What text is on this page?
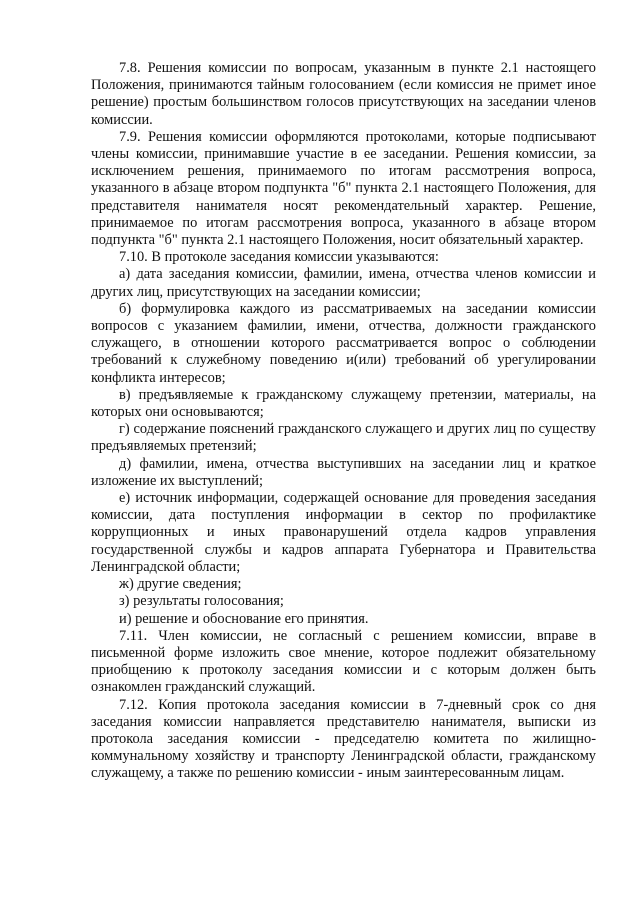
7.8. Решения комиссии по вопросам, указанным в пункте 2.1 настоящего Положения, принимаются тайным голосованием (если комиссия не примет иное решение) простым большинством голосов присутствующих на заседании членов комиссии.

7.9. Решения комиссии оформляются протоколами, которые подписывают члены комиссии, принимавшие участие в ее заседании. Решения комиссии, за исключением решения, принимаемого по итогам рассмотрения вопроса, указанного в абзаце втором подпункта "б" пункта 2.1 настоящего Положения, для представителя нанимателя носят рекомендательный характер. Решение, принимаемое по итогам рассмотрения вопроса, указанного в абзаце втором подпункта "б" пункта 2.1 настоящего Положения, носит обязательный характер.

7.10. В протоколе заседания комиссии указываются:

а) дата заседания комиссии, фамилии, имена, отчества членов комиссии и других лиц, присутствующих на заседании комиссии;

б) формулировка каждого из рассматриваемых на заседании комиссии вопросов с указанием фамилии, имени, отчества, должности гражданского служащего, в отношении которого рассматривается вопрос о соблюдении требований к служебному поведению и(или) требований об урегулировании конфликта интересов;

в) предъявляемые к гражданскому служащему претензии, материалы, на которых они основываются;

г) содержание пояснений гражданского служащего и других лиц по существу предъявляемых претензий;

д) фамилии, имена, отчества выступивших на заседании лиц и краткое изложение их выступлений;

е) источник информации, содержащей основание для проведения заседания комиссии, дата поступления информации в сектор по профилактике коррупционных и иных правонарушений отдела кадров управления государственной службы и кадров аппарата Губернатора и Правительства Ленинградской области;

ж) другие сведения;

з) результаты голосования;

и) решение и обоснование его принятия.

7.11. Член комиссии, не согласный с решением комиссии, вправе в письменной форме изложить свое мнение, которое подлежит обязательному приобщению к протоколу заседания комиссии и с которым должен быть ознакомлен гражданский служащий.

7.12. Копия протокола заседания комиссии в 7-дневный срок со дня заседания комиссии направляется представителю нанимателя, выписки из протокола заседания комиссии - председателю комитета по жилищно-коммунальному хозяйству и транспорту Ленинградской области, гражданскому служащему, а также по решению комиссии - иным заинтересованным лицам.
